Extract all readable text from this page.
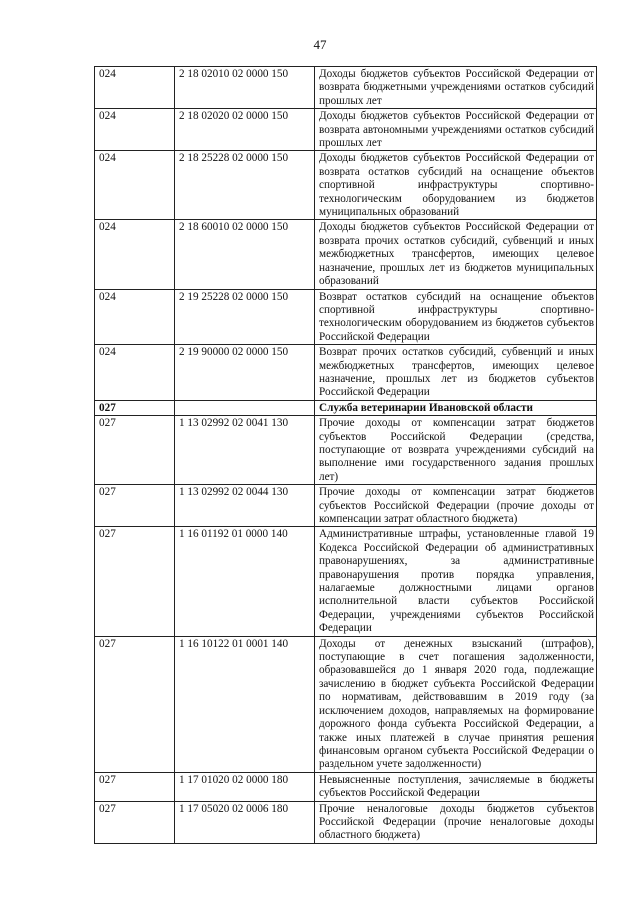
47
024	2 18 02010 02 0000 150	Доходы бюджетов субъектов Российской Федерации от возврата бюджетными учреждениями остатков субсидий прошлых лет
024	2 18 02020 02 0000 150	Доходы бюджетов субъектов Российской Федерации от возврата автономными учреждениями остатков субсидий прошлых лет
024	2 18 25228 02 0000 150	Доходы бюджетов субъектов Российской Федерации от возврата остатков субсидий на оснащение объектов спортивной инфраструктуры спортивно-технологическим оборудованием из бюджетов муниципальных образований
024	2 18 60010 02 0000 150	Доходы бюджетов субъектов Российской Федерации от возврата прочих остатков субсидий, субвенций и иных межбюджетных трансфертов, имеющих целевое назначение, прошлых лет из бюджетов муниципальных образований
024	2 19 25228 02 0000 150	Возврат остатков субсидий на оснащение объектов спортивной инфраструктуры спортивно-технологическим оборудованием из бюджетов субъектов Российской Федерации
024	2 19 90000 02 0000 150	Возврат прочих остатков субсидий, субвенций и иных межбюджетных трансфертов, имеющих целевое назначение, прошлых лет из бюджетов субъектов Российской Федерации
027		Служба ветеринарии Ивановской области
027	1 13 02992 02 0041 130	Прочие доходы от компенсации затрат бюджетов субъектов Российской Федерации (средства, поступающие от возврата учреждениями субсидий на выполнение ими государственного задания прошлых лет)
027	1 13 02992 02 0044 130	Прочие доходы от компенсации затрат бюджетов субъектов Российской Федерации (прочие доходы от компенсации затрат областного бюджета)
027	1 16 01192 01 0000 140	Административные штрафы, установленные главой 19 Кодекса Российской Федерации об административных правонарушениях, за административные правонарушения против порядка управления, налагаемые должностными лицами органов исполнительной власти субъектов Российской Федерации, учреждениями субъектов Российской Федерации
027	1 16 10122 01 0001 140	Доходы от денежных взысканий (штрафов), поступающие в счет погашения задолженности, образовавшейся до 1 января 2020 года, подлежащие зачислению в бюджет субъекта Российской Федерации по нормативам, действовавшим в 2019 году (за исключением доходов, направляемых на формирование дорожного фонда субъекта Российской Федерации, а также иных платежей в случае принятия решения финансовым органом субъекта Российской Федерации о раздельном учете задолженности)
027	1 17 01020 02 0000 180	Невыясненные поступления, зачисляемые в бюджеты субъектов Российской Федерации
027	1 17 05020 02 0006 180	Прочие неналоговые доходы бюджетов субъектов Российской Федерации (прочие неналоговые доходы областного бюджета)
